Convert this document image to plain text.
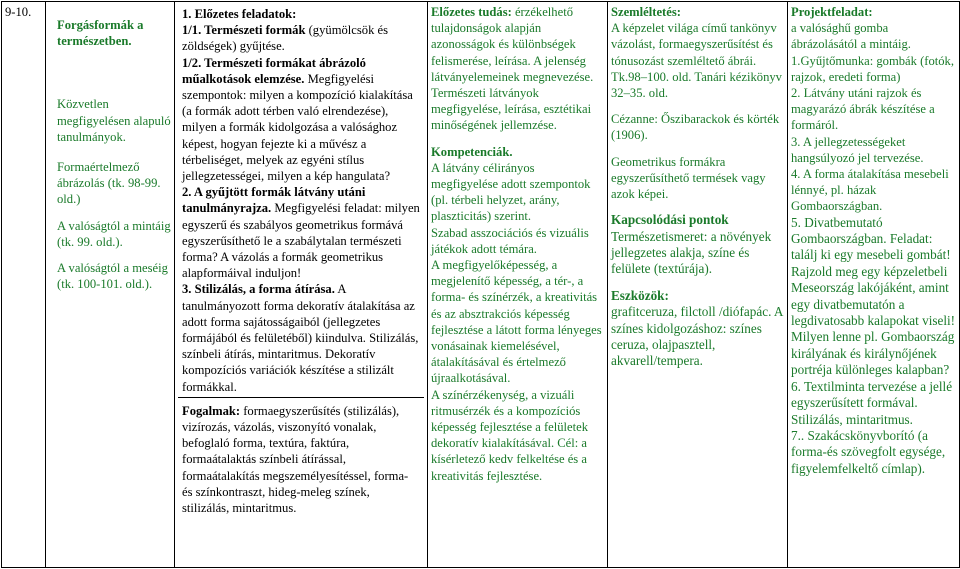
9-10.	
Forgásformák a természetben.
Közvetlen megfigyelésen alapuló tanulmányok.
Formaértelmező ábrázolás (tk. 98-99. old.)
A valóságtól a mintáig (tk. 99. old.).
A valóságtól a meséig (tk. 100-101. old.).

1. Előzetes feladatok:
1/1. Természeti formák (gyümölcsök és zöldségek) gyűjtése.
1/2. Természeti formákat ábrázoló műalkotások elemzése. Megfigyelési szempontok: milyen a kompozíció kialakítása (a formák adott térben való elrendezése), milyen a formák kidolgozása a valósághoz képest, hogyan fejezte ki a művész a térbeliséget, melyek az egyéni stílus jellegzetességei, milyen a kép hangulata?
2. A gyűjtött formák látvány utáni tanulmányrajza. Megfigyelési feladat: milyen egyszerű és szabályos geometrikus formává egyszerűsíthető le a szabálytalan természeti forma? A vázolás a formák geometrikus alapformáival induljon!
3. Stilizálás, a forma átírása. A tanulmányozott forma dekoratív átalakítása az adott forma sajátosságaiból (jellegzetes formájából és felületéből) kiindulva. Stilizálás, színbeli átírás, mintaritmus. Dekoratív kompozíciós variációk készítése a stilizált formákkal.
Fogalmak: formaegyszerűsítés (stilizálás), vizírozás, vázolás, viszonyító vonalak, befoglaló forma, textúra, faktúra, formaátalaktás színbeli átírással, formaátalakítás megszemélyesítéssel, forma- és színkontraszt, hideg-meleg színek, stilizálás, mintaritmus.

Előzetes tudás: érzékelhető tulajdonságok alapján azonosságok és különbségek felismerése, leírása. A jelenség látványelemeinek megnevezése.
Természeti látványok megfigyelése, leírása, esztétikai minőségének jellemzése.
Kompetenciák.
A látvány célirányos megfigyelése adott szempontok (pl. térbeli helyzet, arány, plaszticitás) szerint.
Szabad asszociációs és vizuális játékok adott témára.
A megfigyelőképesség, a megjelenítő képesség, a tér-, a forma- és színérzék, a kreativitás és az absztrakciós képesség fejlesztése a látott forma lényeges vonásainak kiemelésével, átalakításával és értelmező újraalkotásával.
A színérzékenység, a vizuáli ritmusérzék és a kompozíciós képesség fejlesztése a felületek dekoratív kialakításával. Cél: a kísérletező kedv felkeltése és a kreativitás fejlesztése.

Szemléltetés:
A képzelet világa című tankönyv vázolást, formaegyszerűsítést és tónusozást szemléltető ábrái. Tk.98–100. old. Tanári kézikönyv 32–35. old.
Cézanne: Őszibarackok és körték (1906).
Geometrikus formákra egyszerűsíthető termések vagy azok képei.
Kapcsolódási pontok
Természetismeret: a növények jellegzetes alakja, színe és felülete (textúrája).
Eszközök:
grafitceruza, filctoll /diófapác. A színes kidolgozáshoz: színes ceruza, olajpasztell, akvarell/tempera.

Projektfeladat:
a valósághű gomba ábrázolásától a mintáig.
1.Gyűjtőmunka: gombák (fotók, rajzok, eredeti forma)
2. Látvány utáni rajzok és magyarázó ábrák készítése a formáról.
3. A jellegzetességeket hangsúlyozó jel tervezése.
4. A forma átalakítása mesebeli lénnyé, pl. házak Gombaországban.
5. Divatbemutató Gombaországban. Feladat: találj ki egy mesebeli gombát! Rajzold meg egy képzeletbeli Meseország lakójáként, amint egy divatbemutatón a legdivatosabb kalapokat viseli! Milyen lenne pl. Gombaország királyának és királynőjének portréja különleges kalapban?
6. Textilminta tervezése a jellé egyszerűsített formával. Stilizálás, mintaritmus.
7.. Szakácskönyvborító (a forma-és szövegfolt egysége, figyelemfelkeltő címlap).
